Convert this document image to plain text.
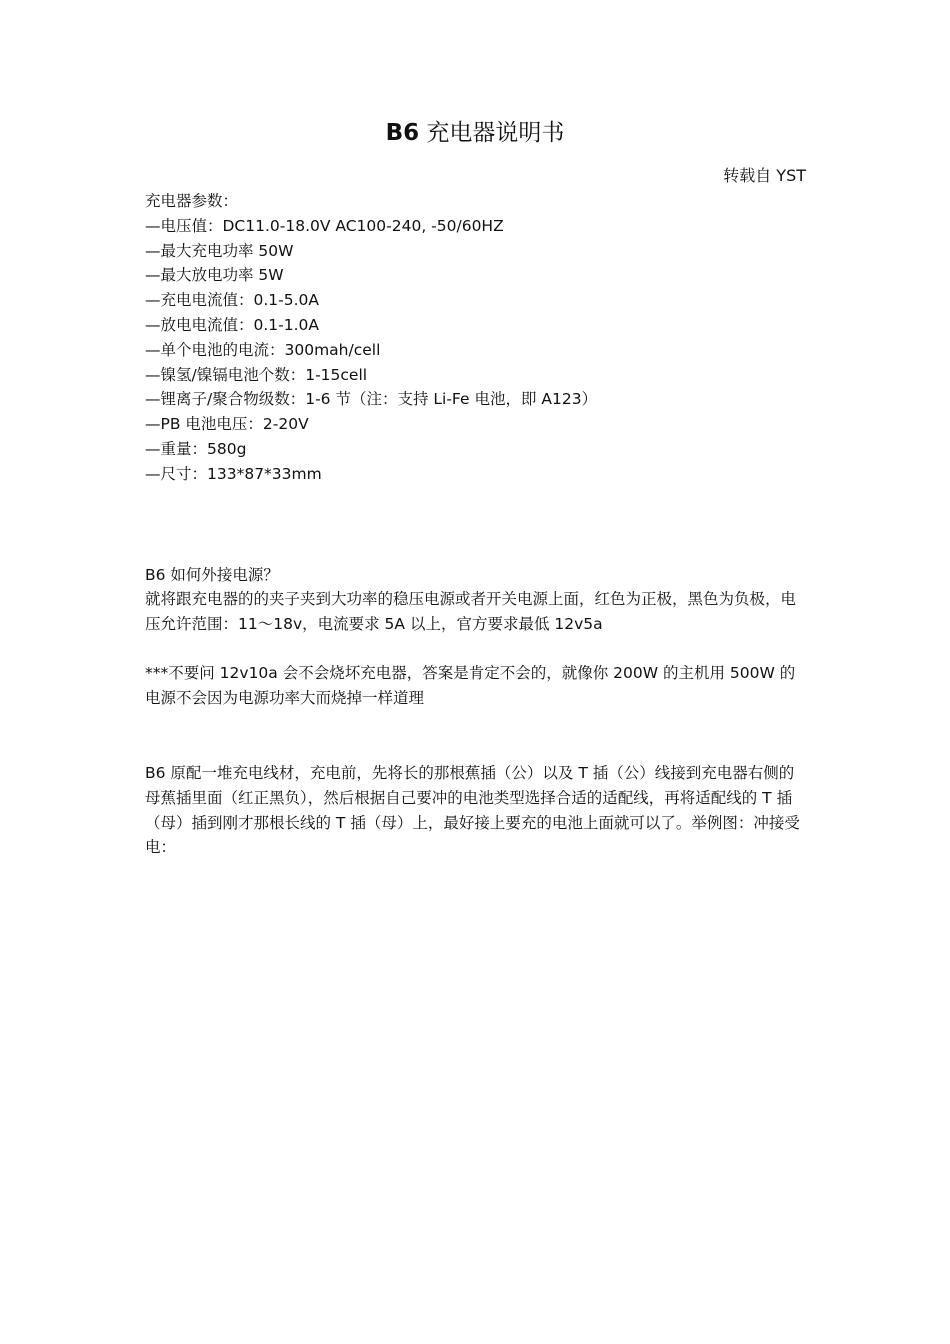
B6 充电器说明书
转载自 YST

充电器参数：

—电压值：DC11.0-18.0V AC100-240, -50/60HZ

—最大充电功率 50W

—最大放电功率 5W

—充电电流值：0.1-5.0A

—放电电流值：0.1-1.0A

—单个电池的电流：300mah/cell

—镍氢/镍镉电池个数：1-15cell

—锂离子/聚合物级数：1-6 节（注：支持 Li-Fe 电池，即 A123）

—PB 电池电压：2-20V

—重量：580g

—尺寸：133*87*33mm

B6 如何外接电源？

就将跟充电器的的夹子夹到大功率的稳压电源或者开关电源上面，红色为正极，黑色为负极，电压允许范围：11～18v，电流要求 5A 以上，官方要求最低 12v5a

***不要问 12v10a 会不会烧坏充电器，答案是肯定不会的，就像你 200W 的主机用 500W 的电源不会因为电源功率大而烧掉一样道理

B6 原配一堆充电线材，充电前，先将长的那根蕉插（公）以及 T 插（公）线接到充电器右侧的母蕉插里面（红正黑负），然后根据自己要冲的电池类型选择合适的适配线，再将适配线的 T 插（母）插到刚才那根长线的 T 插（母）上，最好接上要充的电池上面就可以了。举例图：冲接受电：
